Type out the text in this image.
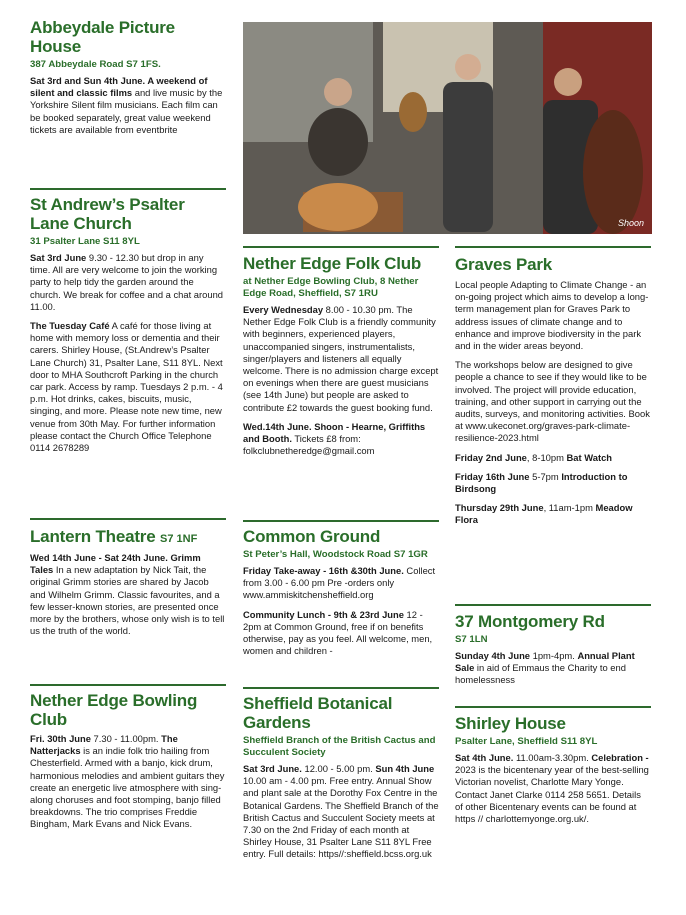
Abbeydale Picture House
387 Abbeydale Road S7 1FS.

Sat 3rd and Sun 4th June. A weekend of silent and classic films and live music by the Yorkshire Silent film musicians. Each film can be booked separately, great value weekend tickets are available from eventbrite

St Andrew’s Psalter Lane Church
31 Psalter Lane S11 8YL

Sat 3rd June 9.30 - 12.30 but drop in any time. All are very welcome to join the working party to help tidy the garden around the church. We break for coffee and a chat around 11.00.

The Tuesday Café A café for those living at home with memory loss or dementia and their carers. Shirley House, (St.Andrew’s Psalter Lane Church) 31, Psalter Lane, S11 8YL. Next door to MHA Southcroft Parking in the church car park. Access by ramp. Tuesdays 2 p.m. - 4 p.m. Hot drinks, cakes, biscuits, music, singing, and more. Please note new time, new venue from 30th May. For further information please contact the Church Office Telephone 0114 2678289

Lantern Theatre S7 1NF

Wed 14th June - Sat 24th June. Grimm Tales In a new adaptation by Nick Tait, the original Grimm stories are shared by Jacob and Wilhelm Grimm. Classic favourites, and a few lesser-known stories, are presented once more by the brothers, whose only wish is to tell us the truth of the world.

Nether Edge Bowling Club

Fri. 30th June 7.30 - 11.00pm. The Natterjacks is an indie folk trio hailing from Chesterfield. Armed with a banjo, kick drum, harmonious melodies and ambient guitars they create an energetic live atmosphere with sing-along choruses and foot stomping, banjo filled breakdowns. The trio comprises Freddie Bingham, Mark Evans and Nick Evans.

Shoon
Nether Edge Folk Club
at Nether Edge Bowling Club, 8 Nether Edge Road, Sheffield, S7 1RU

Every Wednesday 8.00 - 10.30 pm. The Nether Edge Folk Club is a friendly community with beginners, experienced players, unaccompanied singers, instrumentalists, singer/players and listeners all equally welcome. There is no admission charge except on evenings when there are guest musicians (see 14th June) but people are asked to contribute £2 towards the guest booking fund.

Wed.14th June. Shoon - Hearne, Griffiths and Booth. Tickets £8 from: folkclubnetheredge@gmail.com

Common Ground
St Peter’s Hall, Woodstock Road S7 1GR

Friday Take-away - 16th &30th June. Collect from 3.00 - 6.00 pm Pre -orders only www.ammiskitchensheffield.org

Community Lunch - 9th & 23rd June 12 - 2pm at Common Ground, free if on benefits otherwise, pay as you feel. All welcome, men, women and children -

Sheffield Botanical Gardens
Sheffield Branch of the British Cactus and Succulent Society

Sat 3rd June. 12.00 - 5.00 pm. Sun 4th June 10.00 am - 4.00 pm. Free entry. Annual Show and plant sale at the Dorothy Fox Centre in the Botanical Gardens. The Sheffield Branch of the British Cactus and Succulent Society meets at 7.30 on the 2nd Friday of each month at Shirley House, 31 Psalter Lane S11 8YL Free entry. Full details: https//:sheffield.bcss.org.uk

Graves Park

Local people Adapting to Climate Change - an on-going project which aims to develop a long-term management plan for Graves Park to address issues of climate change and to enhance and improve biodiversity in the park and in the wider areas beyond.

The workshops below are designed to give people a chance to see if they would like to be involved. The project will provide education, training, and other support in carrying out the audits, surveys, and monitoring activities. Book at www.ukeconet.org/graves-park-climate-resilience-2023.html

Friday 2nd June, 8-10pm Bat Watch

Friday 16th June 5-7pm Introduction to Birdsong

Thursday 29th June, 11am-1pm Meadow Flora

37 Montgomery Rd
S7 1LN

Sunday 4th June 1pm-4pm. Annual Plant Sale in aid of Emmaus the Charity to end homelessness

Shirley House
Psalter Lane, Sheffield S11 8YL

Sat 4th June. 11.00am-3.30pm. Celebration - 2023 is the bicentenary year of the best-selling Victorian novelist, Charlotte Mary Yonge. Contact Janet Clarke 0114 258 5651. Details of other Bicentenary events can be found at https // charlottemyonge.org.uk/.
